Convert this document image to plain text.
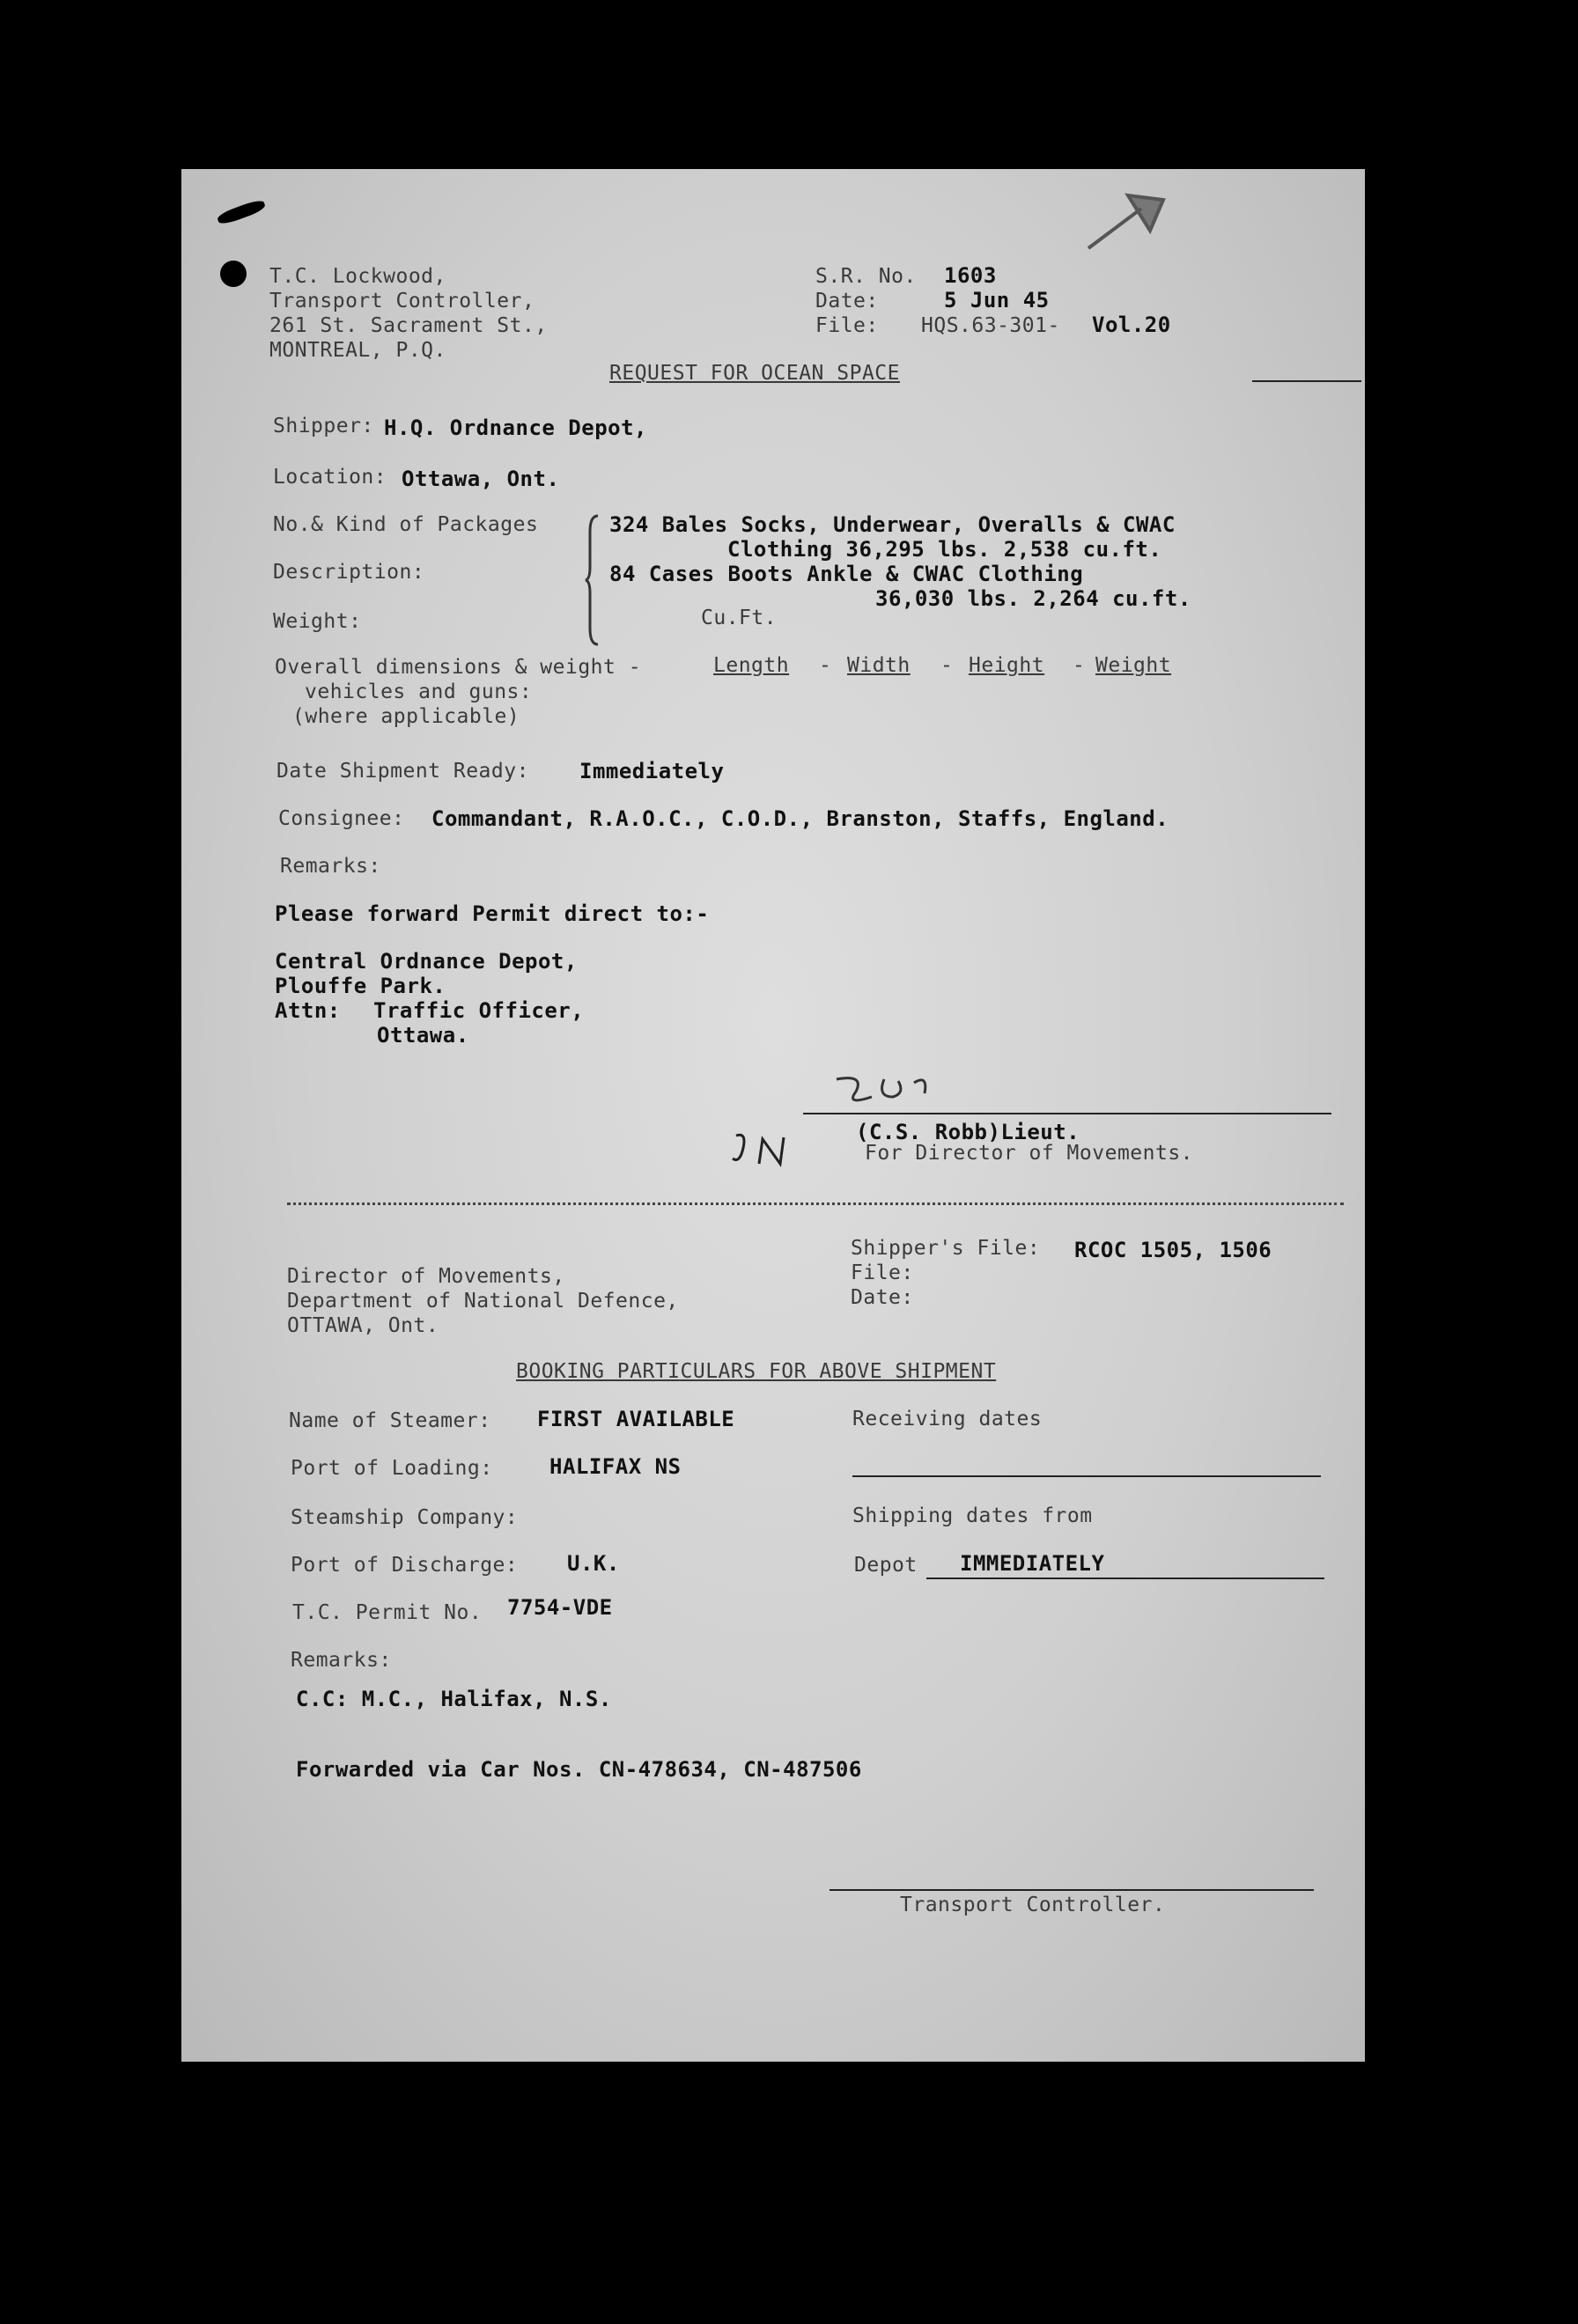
T.C. Lockwood,
Transport Controller,
261 St. Sacrament St.,
MONTREAL, P.Q.
S.R. No. 1603
Date:	5 Jun 45
File: HQS.63-301- Vol.20
REQUEST FOR OCEAN SPACE
Shipper: H.Q. Ordnance Depot,
Location: Ottawa, Ont.
No.& Kind of Packages
Description:
Weight:
324 Bales Socks, Underwear, Overalls & CWAC
Clothing 36,295 lbs. 2,538 cu.ft.
84 Cases Boots Ankle & CWAC Clothing
36,030 lbs. 2,264 cu.ft.
Cu.Ft.
Overall dimensions & weight -	Length - Width - Height - Weight
vehicles and guns:
(where applicable)
Date Shipment Ready: Immediately
Consignee: Commandant, R.A.O.C., C.O.D., Branston, Staffs, England.
Remarks:
Please forward Permit direct to:-
Central Ordnance Depot,
Plouffe Park.
Attn: Traffic Officer,
Ottawa.
(C.S. Robb)Lieut.
For Director of Movements.
Shipper's File: RCOC 1505, 1506
File:
Date:
Director of Movements,
Department of National Defence,
OTTAWA, Ont.
BOOKING PARTICULARS FOR ABOVE SHIPMENT
Name of Steamer: FIRST AVAILABLE	Receiving dates
Port of Loading:	HALIFAX NS
Steamship Company:	Shipping dates from
Port of Discharge: U.K.	Depot IMMEDIATELY
T.C. Permit No. 7754-VDE
Remarks:
C.C: M.C., Halifax, N.S.
Forwarded via Car Nos. CN-478634, CN-487506
Transport Controller.
